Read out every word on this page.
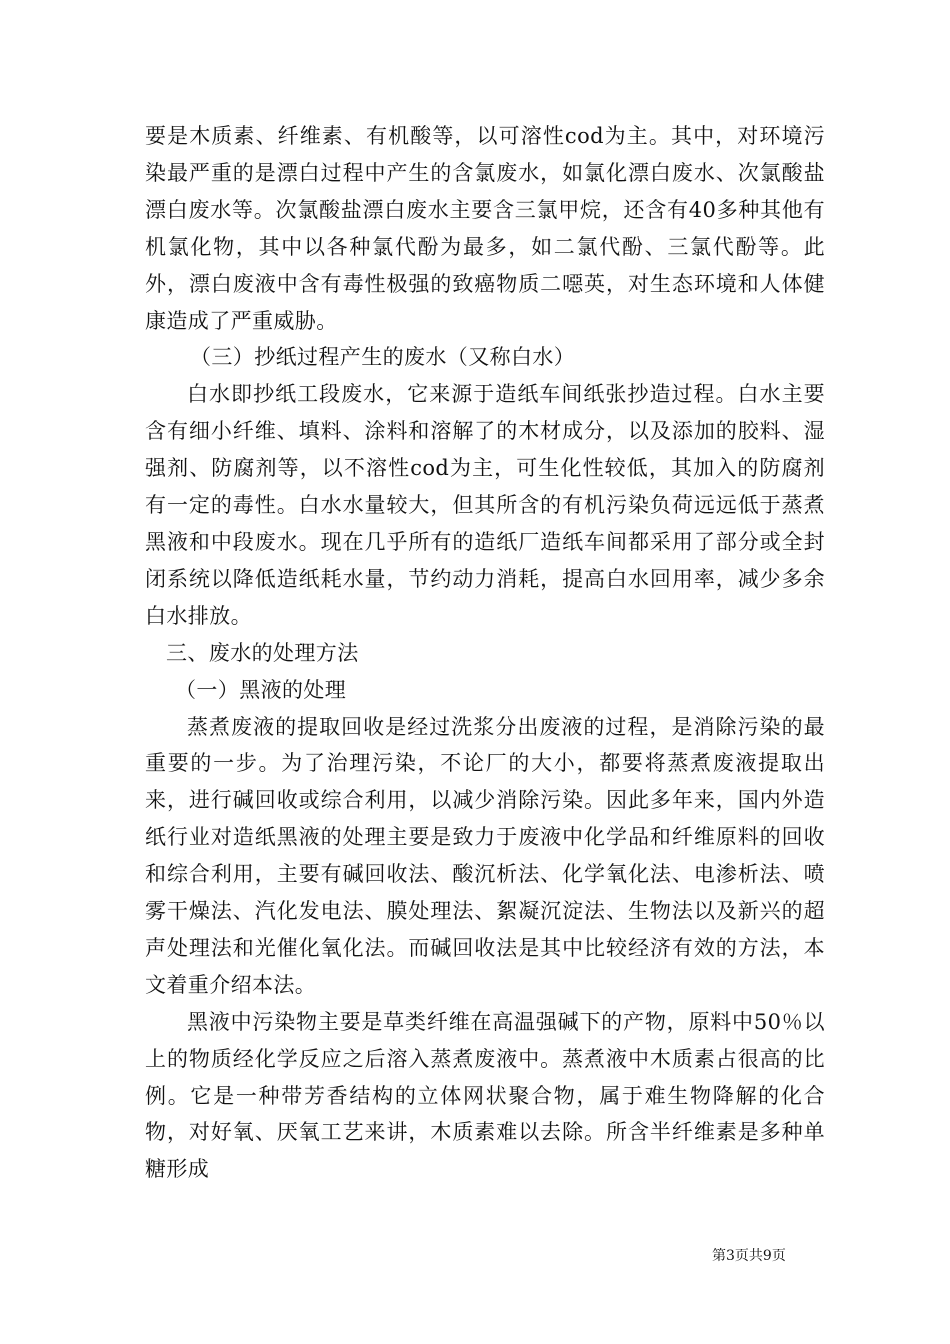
要是木质素、纤维素、有机酸等，以可溶性cod为主。其中，对环境污染最严重的是漂白过程中产生的含氯废水，如氯化漂白废水、次氯酸盐漂白废水等。次氯酸盐漂白废水主要含三氯甲烷，还含有40多种其他有机氯化物，其中以各种氯代酚为最多，如二氯代酚、三氯代酚等。此外，漂白废液中含有毒性极强的致癌物质二噁英，对生态环境和人体健康造成了严重威胁。

（三）抄纸过程产生的废水（又称白水）

白水即抄纸工段废水，它来源于造纸车间纸张抄造过程。白水主要含有细小纤维、填料、涂料和溶解了的木材成分，以及添加的胶料、湿强剂、防腐剂等，以不溶性cod为主，可生化性较低，其加入的防腐剂有一定的毒性。白水水量较大，但其所含的有机污染负荷远远低于蒸煮黑液和中段废水。现在几乎所有的造纸厂造纸车间都采用了部分或全封闭系统以降低造纸耗水量，节约动力消耗，提高白水回用率，减少多余白水排放。

三、废水的处理方法

（一）黑液的处理

蒸煮废液的提取回收是经过洗浆分出废液的过程，是消除污染的最重要的一步。为了治理污染，不论厂的大小，都要将蒸煮废液提取出来，进行碱回收或综合利用，以减少消除污染。因此多年来，国内外造纸行业对造纸黑液的处理主要是致力于废液中化学品和纤维原料的回收和综合利用，主要有碱回收法、酸沉析法、化学氧化法、电渗析法、喷雾干燥法、汽化发电法、膜处理法、絮凝沉淀法、生物法以及新兴的超声处理法和光催化氧化法。而碱回收法是其中比较经济有效的方法，本文着重介绍本法。

黑液中污染物主要是草类纤维在高温强碱下的产物，原料中50％以上的物质经化学反应之后溶入蒸煮废液中。蒸煮液中木质素占很高的比例。它是一种带芳香结构的立体网状聚合物，属于难生物降解的化合物，对好氧、厌氧工艺来讲，木质素难以去除。所含半纤维素是多种单糖形成

第3页共9页
